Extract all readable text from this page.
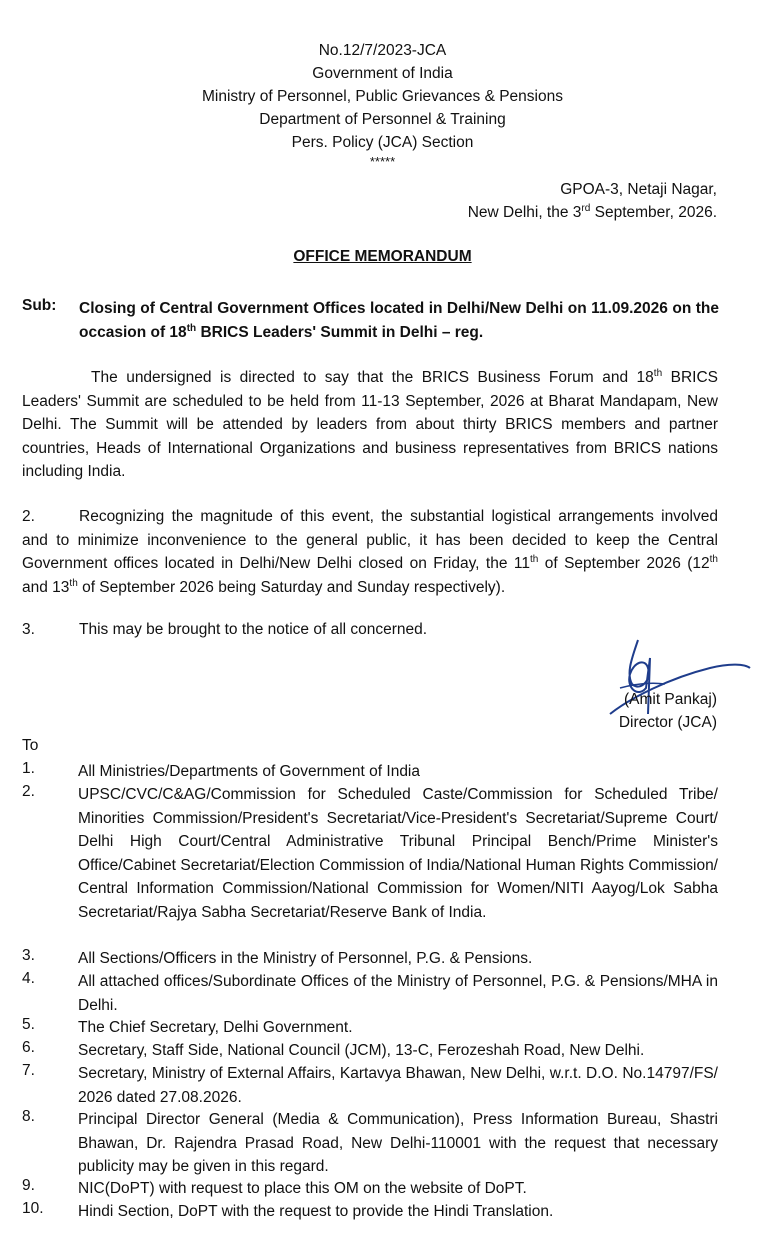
No.12/7/2023-JCA
Government of India
Ministry of Personnel, Public Grievances & Pensions
Department of Personnel & Training
Pers. Policy (JCA) Section
*****
GPOA-3, Netaji Nagar,
New Delhi, the 3rd September, 2026.
OFFICE MEMORANDUM
Sub: Closing of Central Government Offices located in Delhi/New Delhi on 11.09.2026 on the occasion of 18th BRICS Leaders' Summit in Delhi – reg.

The undersigned is directed to say that the BRICS Business Forum and 18th BRICS Leaders' Summit are scheduled to be held from 11-13 September, 2026 at Bharat Mandapam, New Delhi. The Summit will be attended by leaders from about thirty BRICS members and partner countries, Heads of International Organizations and business representatives from BRICS nations including India.

2.	Recognizing the magnitude of this event, the substantial logistical arrangements involved and to minimize inconvenience to the general public, it has been decided to keep the Central Government offices located in Delhi/New Delhi closed on Friday, the 11th of September 2026 (12th and 13th of September 2026 being Saturday and Sunday respectively).

3.	This may be brought to the notice of all concerned.
(Amit Pankaj)
Director (JCA)
To
1.	All Ministries/Departments of Government of India
2.	UPSC/CVC/C&AG/Commission for Scheduled Caste/Commission for Scheduled Tribe/ Minorities Commission/President's Secretariat/Vice-President's Secretariat/Supreme Court/ Delhi High Court/Central Administrative Tribunal Principal Bench/Prime Minister's Office/Cabinet Secretariat/Election Commission of India/National Human Rights Commission/ Central Information Commission/National Commission for Women/NITI Aayog/Lok Sabha Secretariat/Rajya Sabha Secretariat/Reserve Bank of India.
3.	All Sections/Officers in the Ministry of Personnel, P.G. & Pensions.
4.	All attached offices/Subordinate Offices of the Ministry of Personnel, P.G. & Pensions/MHA in Delhi.
5.	The Chief Secretary, Delhi Government.
6.	Secretary, Staff Side, National Council (JCM), 13-C, Ferozeshah Road, New Delhi.
7.	Secretary, Ministry of External Affairs, Kartavya Bhawan, New Delhi, w.r.t. D.O. No.14797/FS/ 2026 dated 27.08.2026.
8.	Principal Director General (Media & Communication), Press Information Bureau, Shastri Bhawan, Dr. Rajendra Prasad Road, New Delhi-110001 with the request that necessary publicity may be given in this regard.
9.	NIC(DoPT) with request to place this OM on the website of DoPT.
10. Hindi Section, DoPT with the request to provide the Hindi Translation.
